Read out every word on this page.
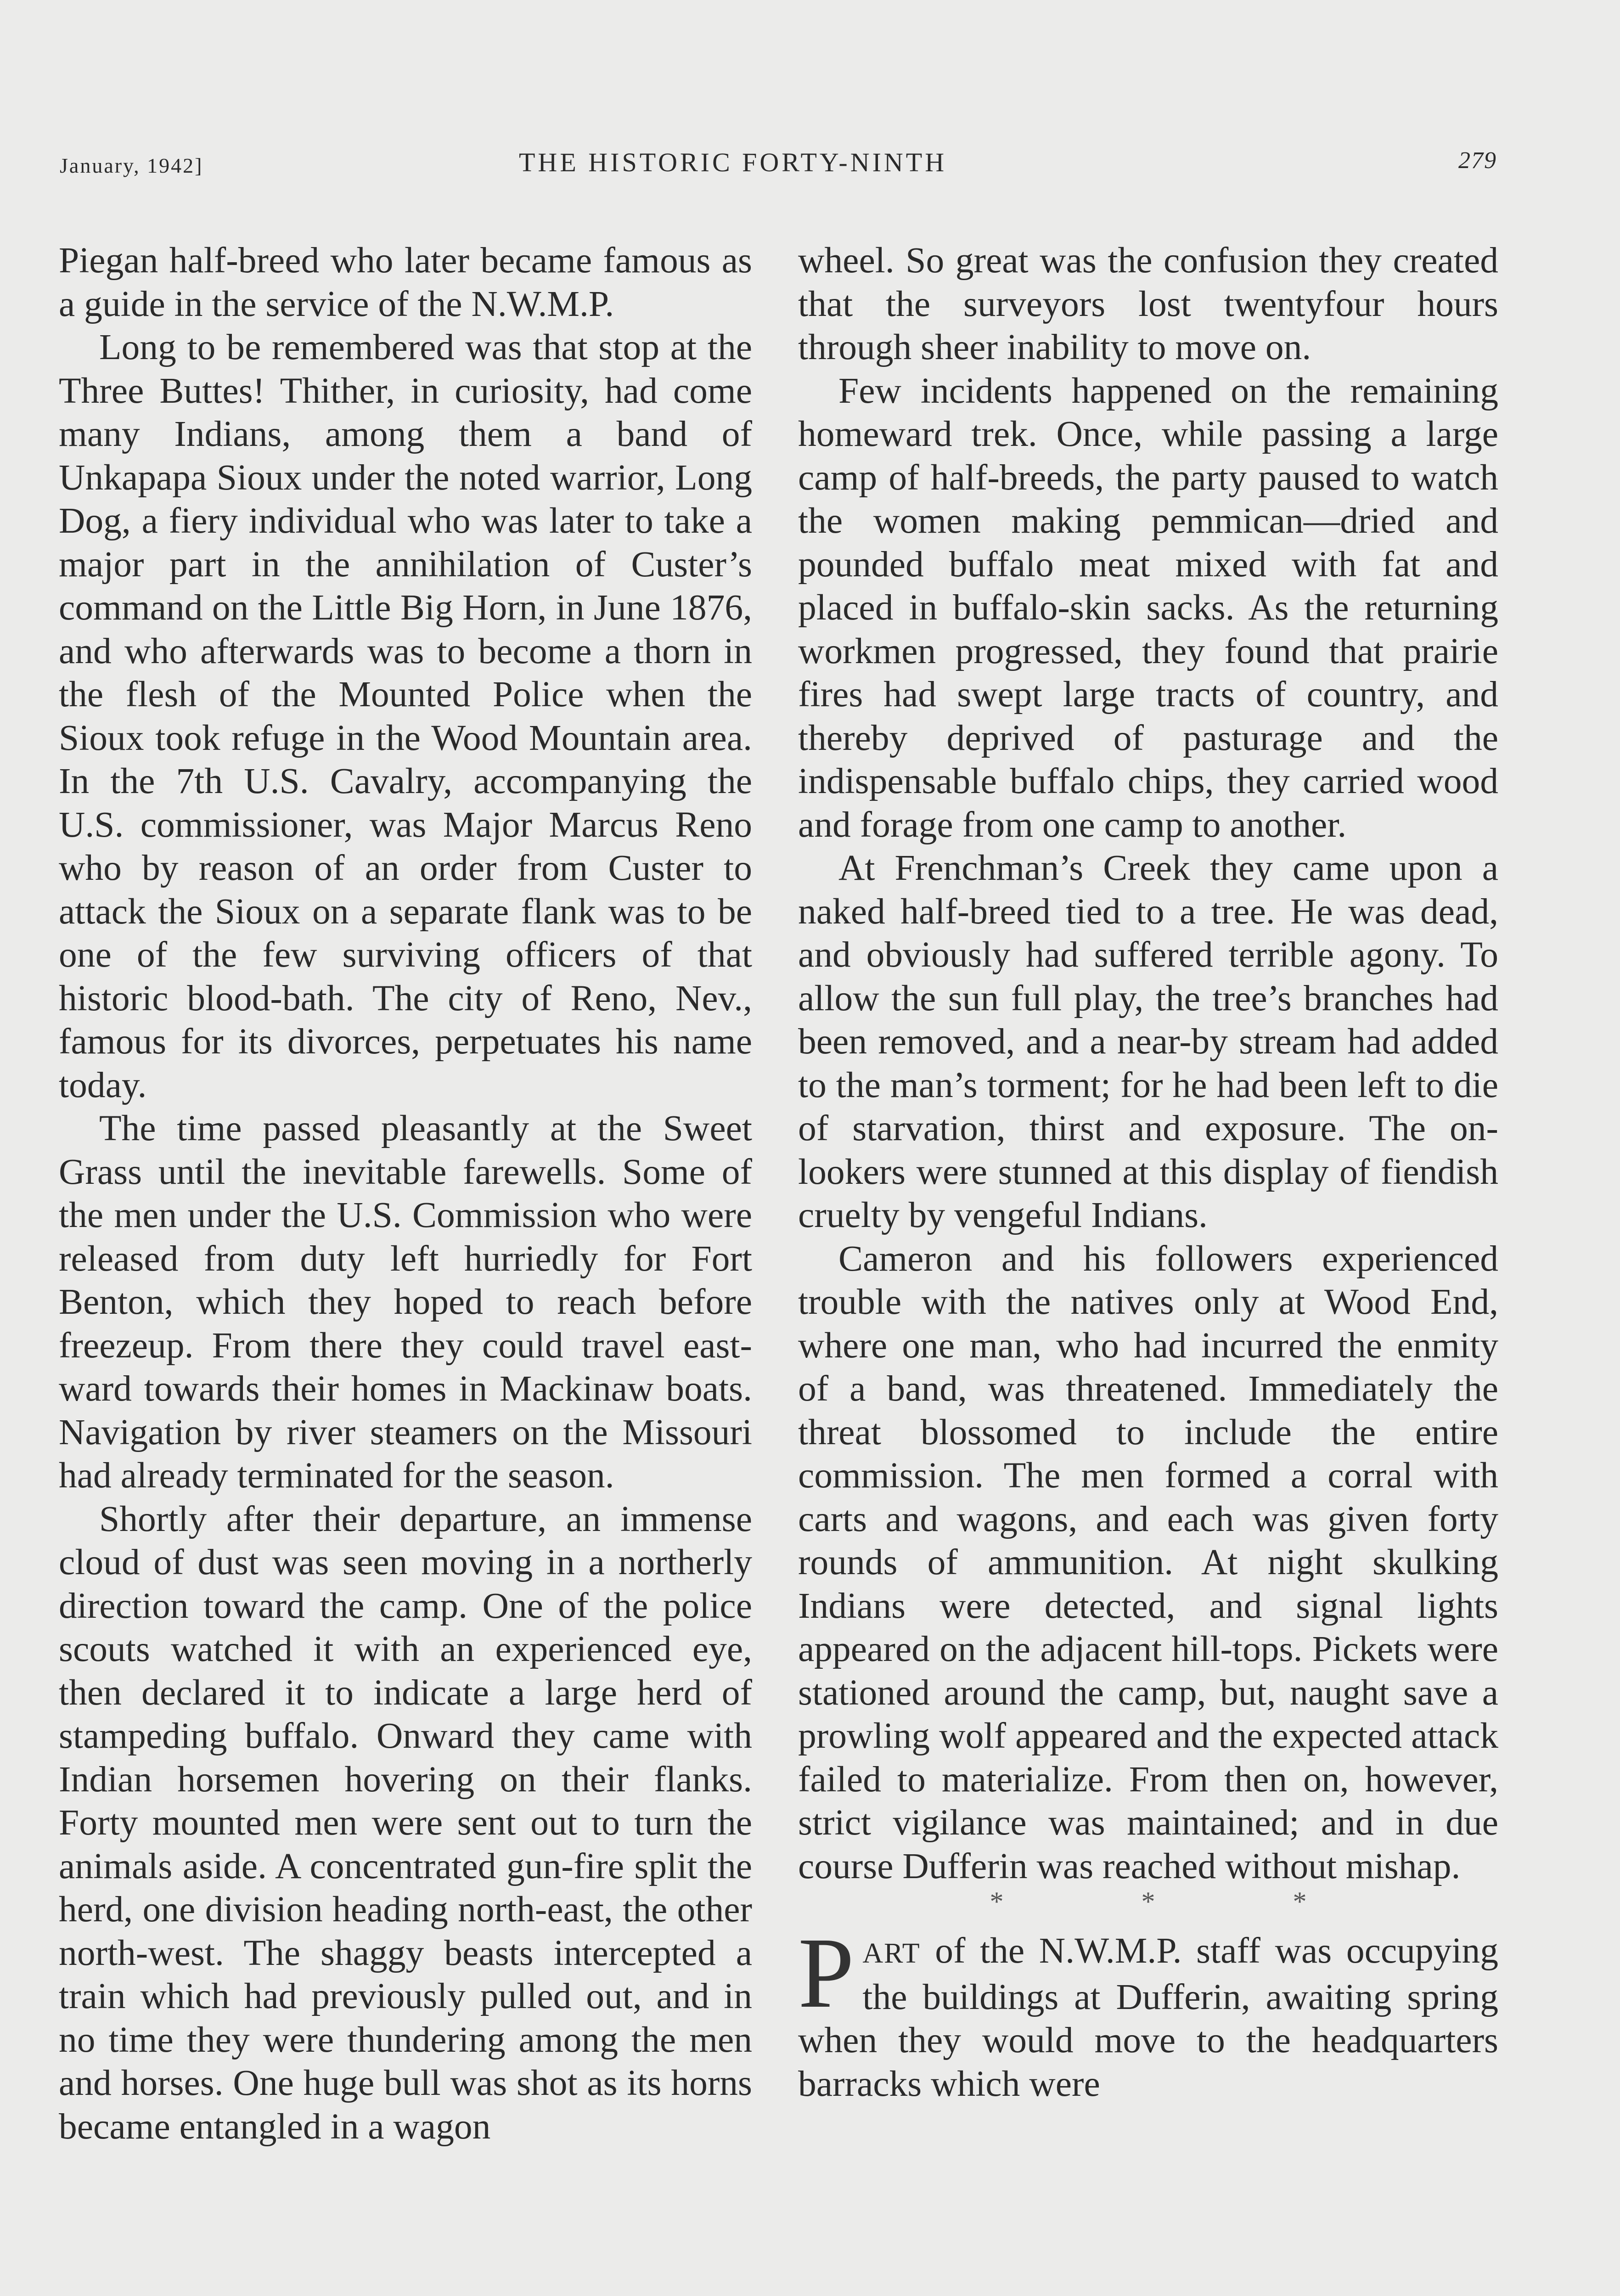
January, 1942]	THE HISTORIC FORTY-NINTH	279

Piegan half-breed who later became famous as a guide in the service of the N.W.M.P.

Long to be remembered was that stop at the Three Buttes! Thither, in curiosity, had come many Indians, among them a band of Unkapapa Sioux under the noted warrior, Long Dog, a fiery individual who was later to take a major part in the annihilation of Custer’s command on the Little Big Horn, in June 1876, and who afterwards was to become a thorn in the flesh of the Mounted Police when the Sioux took refuge in the Wood Mountain area. In the 7th U.S. Cavalry, accompanying the U.S. commissioner, was Major Marcus Reno who by reason of an order from Custer to attack the Sioux on a separate flank was to be one of the few surviving officers of that historic blood-bath. The city of Reno, Nev., famous for its divorces, perpetuates his name today.

The time passed pleasantly at the Sweet Grass until the inevitable farewells. Some of the men under the U.S. Commission who were released from duty left hurriedly for Fort Benton, which they hoped to reach before freezeup. From there they could travel eastward towards their homes in Mackinaw boats. Navigation by river steamers on the Missouri had already terminated for the season.

Shortly after their departure, an immense cloud of dust was seen moving in a northerly direction toward the camp. One of the police scouts watched it with an experienced eye, then declared it to indicate a large herd of stampeding buffalo. Onward they came with Indian horsemen hovering on their flanks. Forty mounted men were sent out to turn the animals aside. A concentrated gun-fire split the herd, one division heading north-east, the other north-west. The shaggy beasts intercepted a train which had previously pulled out, and in no time they were thundering among the men and horses. One huge bull was shot as its horns became entangled in a wagon

wheel. So great was the confusion they created that the surveyors lost twentyfour hours through sheer inability to move on.

Few incidents happened on the remaining homeward trek. Once, while passing a large camp of half-breeds, the party paused to watch the women making pemmican—dried and pounded buffalo meat mixed with fat and placed in buffalo-skin sacks. As the returning workmen progressed, they found that prairie fires had swept large tracts of country, and thereby deprived of pasturage and the indispensable buffalo chips, they carried wood and forage from one camp to another.

At Frenchman’s Creek they came upon a naked half-breed tied to a tree. He was dead, and obviously had suffered terrible agony. To allow the sun full play, the tree’s branches had been removed, and a near-by stream had added to the man’s torment; for he had been left to die of starvation, thirst and exposure. The on-lookers were stunned at this display of fiendish cruelty by vengeful Indians.

Cameron and his followers experienced trouble with the natives only at Wood End, where one man, who had incurred the enmity of a band, was threatened. Immediately the threat blossomed to include the entire commission. The men formed a corral with carts and wagons, and each was given forty rounds of ammunition. At night skulking Indians were detected, and signal lights appeared on the adjacent hill-tops. Pickets were stationed around the camp, but, naught save a prowling wolf appeared and the expected attack failed to materialize. From then on, however, strict vigilance was maintained; and in due course Dufferin was reached without mishap.

*	*	*

PART of the N.W.M.P. staff was occupying the buildings at Dufferin, awaiting spring when they would move to the headquarters barracks which were
